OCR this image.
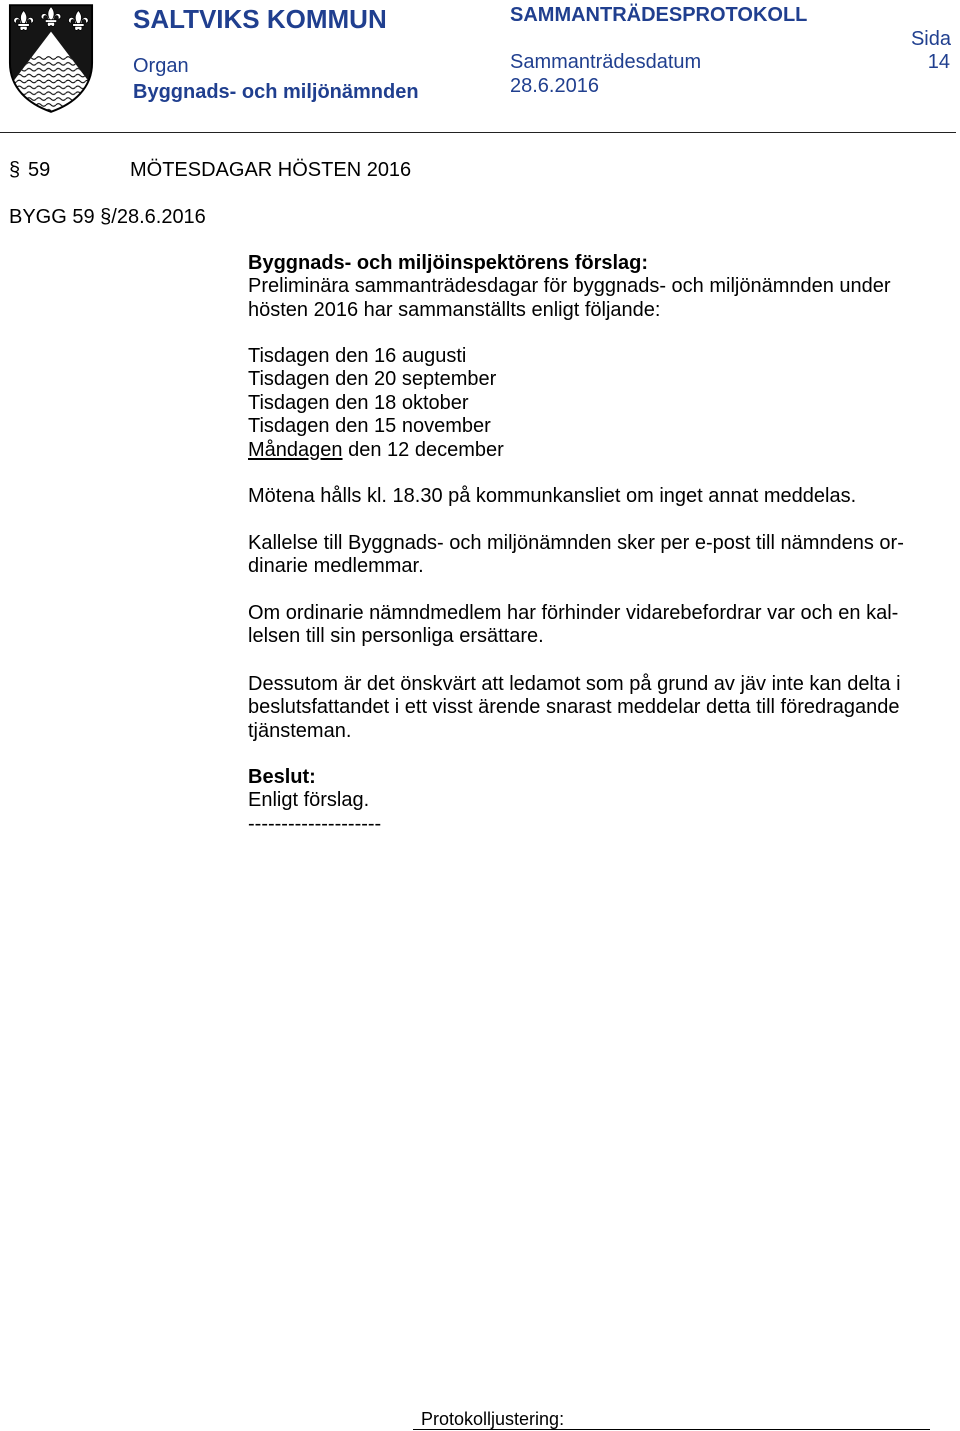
SALTVIKS KOMMUN
Organ
Byggnads- och miljönämnden
SAMMANTRÄDESPROTOKOLL
Sammanträdesdatum
28.6.2016
Sida
14
§ 59	MÖTESDAGAR HÖSTEN 2016
BYGG 59 §/28.6.2016
Byggnads- och miljöinspektörens förslag:
Preliminära sammanträdesdagar för byggnads- och miljönämnden under
hösten 2016 har sammanställts enligt följande:
Tisdagen den 16 augusti
Tisdagen den 20 september
Tisdagen den 18 oktober
Tisdagen den 15 november
Måndagen den 12 december
Mötena hålls kl. 18.30 på kommunkansliet om inget annat meddelas.
Kallelse till Byggnads- och miljönämnden sker per e-post till nämndens or-
dinarie medlemmar.
Om ordinarie nämndmedlem har förhinder vidarebefordrar var och en kal-
lelsen till sin personliga ersättare.
Dessutom är det önskvärt att ledamot som på grund av jäv inte kan delta i
beslutsfattandet i ett visst ärende snarast meddelar detta till föredragande
tjänsteman.
Beslut:
Enligt förslag.
--------------------
Protokolljustering:
